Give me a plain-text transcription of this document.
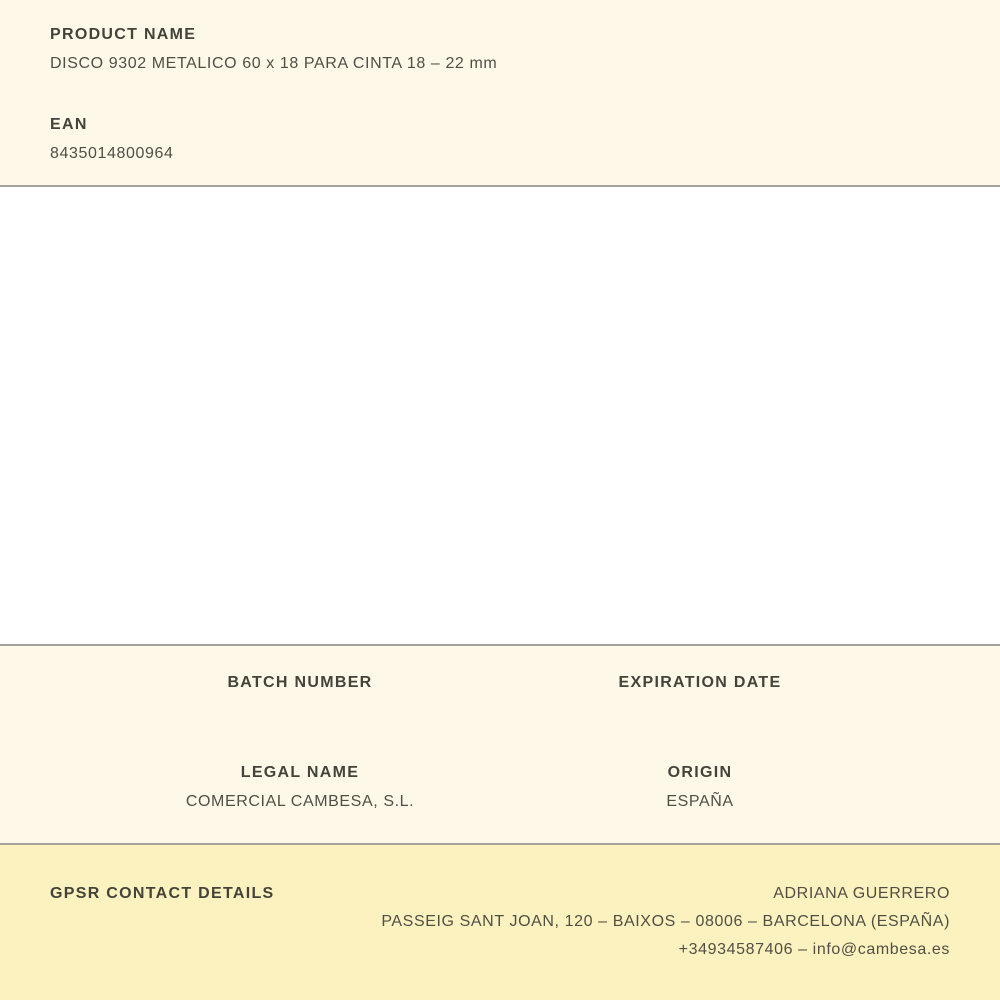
PRODUCT NAME
DISCO 9302 METALICO 60 x 18 PARA CINTA 18 – 22 mm
EAN
8435014800964
BATCH NUMBER	EXPIRATION DATE
LEGAL NAME
COMERCIAL CAMBESA, S.L.
ORIGIN
ESPAÑA
GPSR CONTACT DETAILS	ADRIANA GUERRERO
PASSEIG SANT JOAN, 120 – BAIXOS – 08006 – BARCELONA (ESPAÑA)
+34934587406 – info@cambesa.es
